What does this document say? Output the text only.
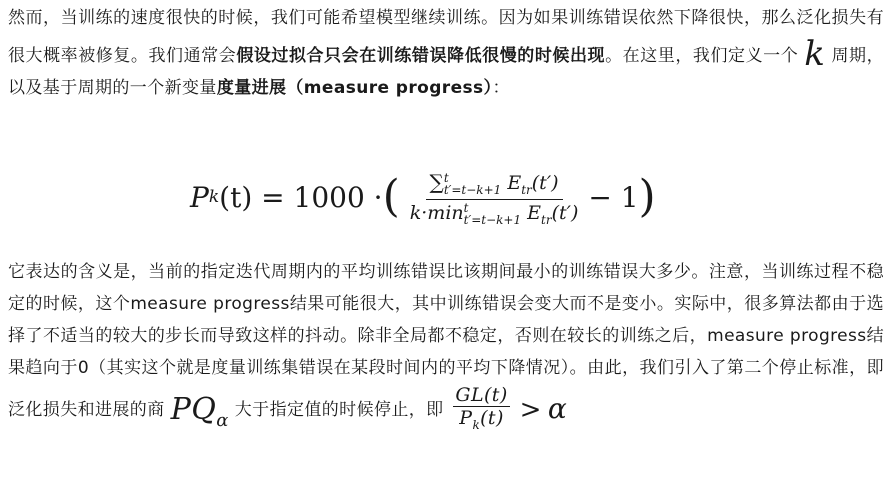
然而，当训练的速度很快的时候，我们可能希望模型继续训练。因为如果训练错误依然下降很快，那么泛化损失有很大概率被修复。我们通常会假设过拟合只会在训练错误降低很慢的时候出现。在这里，我们定义一个 k 周期，以及基于周期的一个新变量度量进展（measure progress）：
P k (t) = 1000 · ( ∑ t
t′=t−k+1 $E_{tr}(t')$
k·min t
t′=t−k+1 $E_{tr}(t') - 1$ )
它表达的含义是，当前的指定迭代周期内的平均训练错误比该期间最小的训练错误大多少。注意，当训练过程不稳定的时候，这个measure progress结果可能很大，其中训练错误会变大而不是变小。实际中，很多算法都由于选择了不适当的较大的步长而导致这样的抖动。除非全局都不稳定，否则在较长的训练之后，measure progress结果趋向于0（其实这个就是度量训练集错误在某段时间内的平均下降情况）。由此，我们引入了第二个停止标准，即泛化损失和进展的商 $PQ_\alpha$ 大于指定值的时候停止，即 $\frac{GL(t)}{P_k(t)} > \alpha$
